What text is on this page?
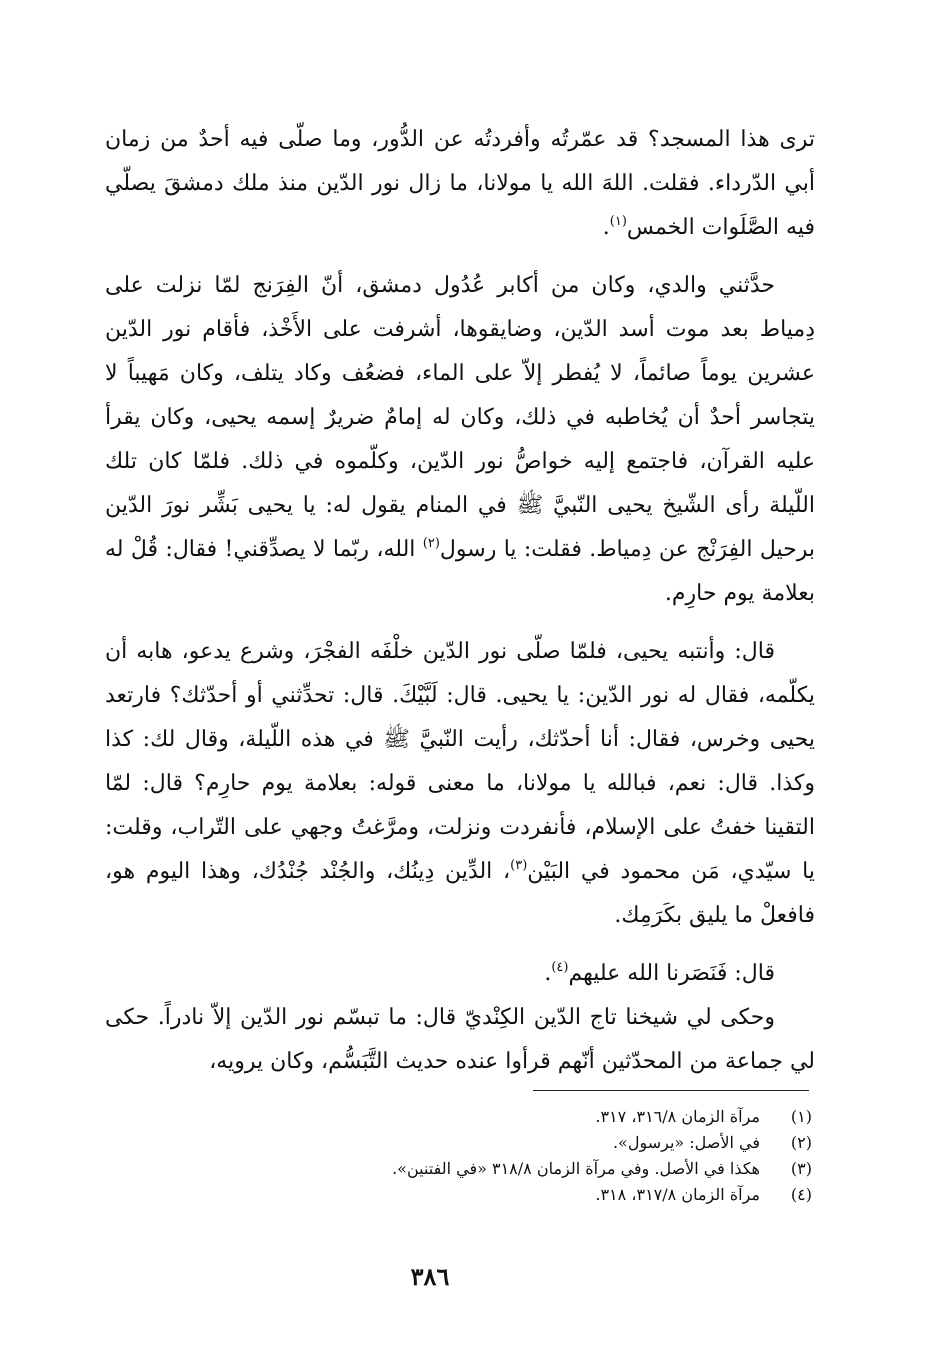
ترى هذا المسجد؟ قد عمّرتُه وأفردتُه عن الدُّور، وما صلّى فيه أحدٌ من زمان أبي الدّرداء. فقلت. اللهَ الله يا مولانا، ما زال نور الدّين منذ ملك دمشقَ يصلّي فيه الصَّلَوات الخمس$^{(١)}$.

حدَّثني والدي، وكان من أكابر عُدُول دمشق، أنّ الفِرَنج لمّا نزلت على دِمياط بعد موت أسد الدّين، وضايقوها، أشرفت على الأَخْذ، فأقام نور الدّين عشرين يوماً صائماً، لا يُفطر إلاّ على الماء، فضعُف وكاد يتلف، وكان مَهيباً لا يتجاسر أحدٌ أن يُخاطبه في ذلك، وكان له إمامٌ ضريرٌ إسمه يحيى، وكان يقرأ عليه القرآن، فاجتمع إليه خواصُّ نور الدّين، وكلّموه في ذلك. فلمّا كان تلك اللّيلة رأى الشّيخ يحيى النّبيَّ ﷺ في المنام يقول له: يا يحيى بَشِّر نورَ الدّين برحيل الفِرَنْج عن دِمياط. فقلت: يا رسول$^{(٢)}$ الله، ربّما لا يصدِّقني! فقال: قُلْ له بعلامة يوم حارِم.

قال: وأنتبه يحيى، فلمّا صلّى نور الدّين خلْفَه الفجْرَ، وشرع يدعو، هابه أن يكلّمه، فقال له نور الدّين: يا يحيى. قال: لَبَّيْكَ. قال: تحدِّثني أو أحدّثك؟ فارتعد يحيى وخرس، فقال: أنا أحدّثك، رأيت النّبيَّ ﷺ في هذه اللّيلة، وقال لك: كذا وكذا. قال: نعم، فبالله يا مولانا، ما معنى قوله: بعلامة يوم حارِم؟ قال: لمّا التقينا خفتُ على الإسلام، فأنفردت ونزلت، ومرَّغتُ وجهي على التّراب، وقلت: يا سيّدي، مَن محمود في البَيْن$^{(٣)}$، الدِّين دِينُك، والجُنْد جُنْدُك، وهذا اليوم هو، فافعلْ ما يليق بكَرَمِك.

قال: فَنَصَرنا الله عليهم$^{(٤)}$.

وحكى لي شيخنا تاج الدّين الكِنْديّ قال: ما تبسّم نور الدّين إلاّ نادراً. حكى لي جماعة من المحدّثين أنّهم قرأوا عنده حديث التَّبَسُّم، وكان يرويه،

(١)
مرآة الزمان ٣١٦/٨، ٣١٧.
(٢)
في الأصل: «يرسول».
(٣)
هكذا في الأصل. وفي مرآة الزمان ٣١٨/٨ «في الفتنين».
(٤)
مرآة الزمان ٣١٧/٨، ٣١٨.
٣٨٦
